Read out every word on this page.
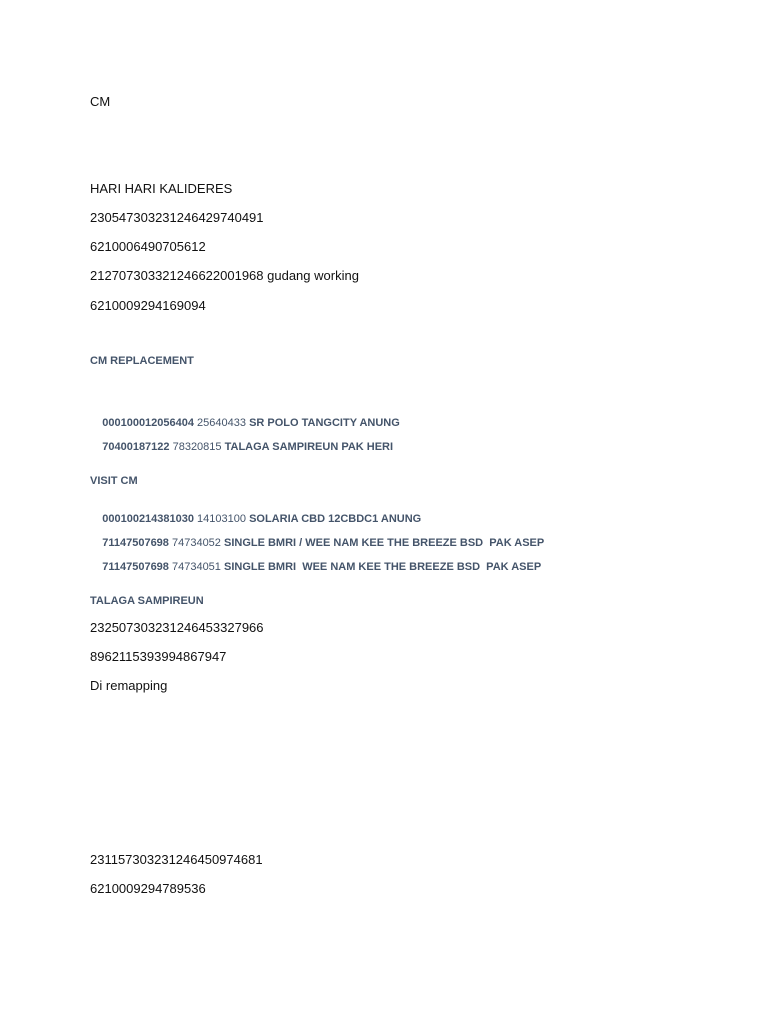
CM
HARI HARI KALIDERES
230547303231246429740491
6210006490705612
212707303321246622001968 gudang working
6210009294169094
CM REPLACEMENT

000100012056404 25640433 SR POLO TANGCITY ANUNG

70400187122 78320815 TALAGA SAMPIREUN PAK HERI

VISIT CM

000100214381030 14103100 SOLARIA CBD 12CBDC1 ANUNG

71147507698 74734052 SINGLE BMRI / WEE NAM KEE THE BREEZE BSD  PAK ASEP

71147507698 74734051 SINGLE BMRI  WEE NAM KEE THE BREEZE BSD  PAK ASEP

TALAGA SAMPIREUN
232507303231246453327966
8962115393994867947
Di remapping
231157303231246450974681
6210009294789536
